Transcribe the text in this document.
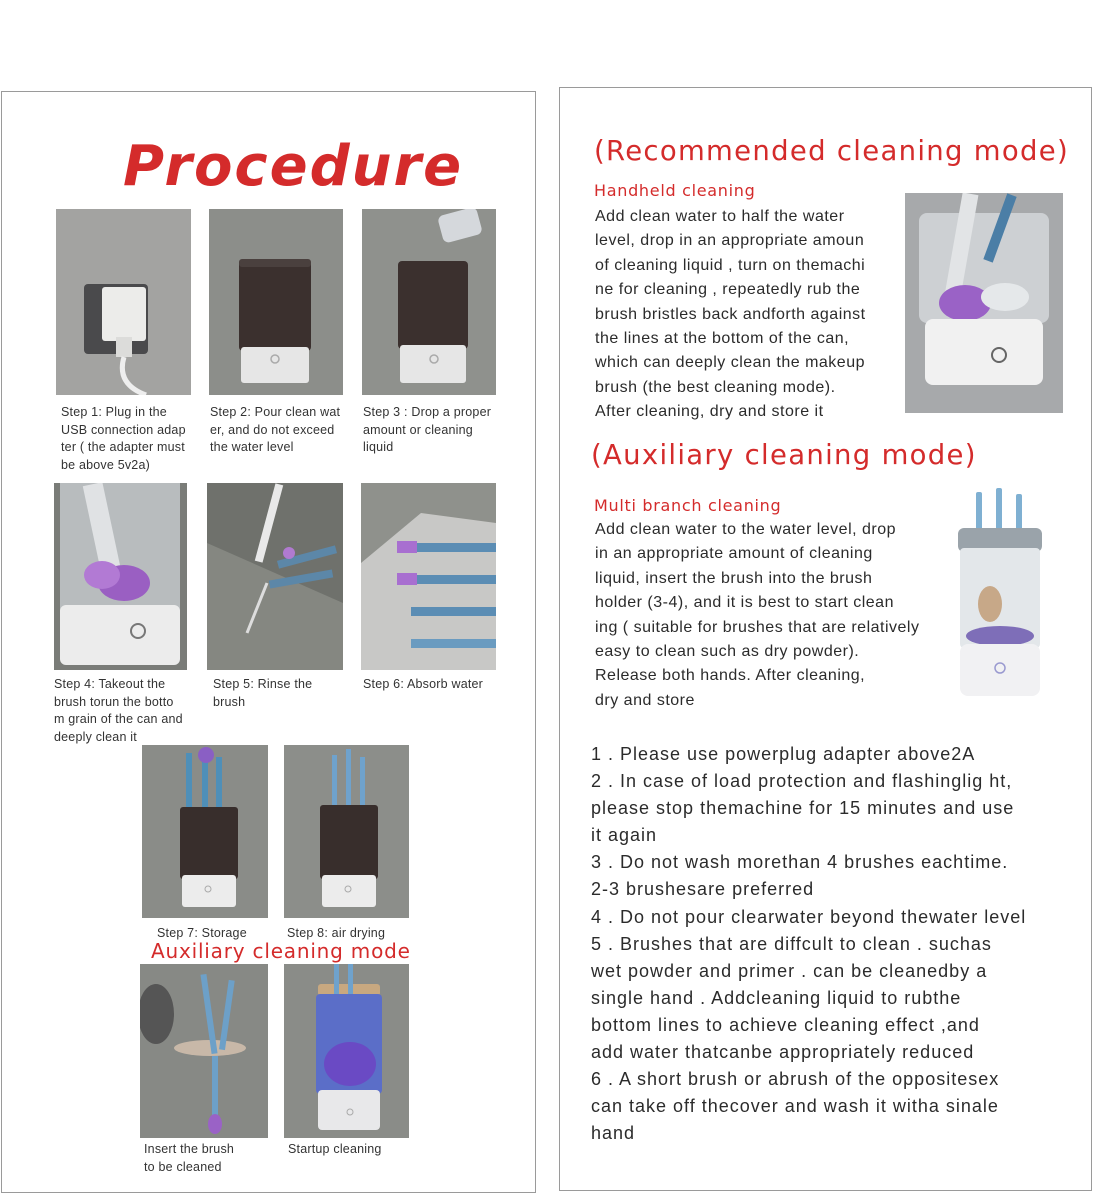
Procedure
Step 1: Plug in the
USB connection adap
ter ( the adapter must
be above 5v2a)
Step 2: Pour clean wat
er, and do not exceed
the water level
Step 3 : Drop a proper
amount or cleaning
liquid
Step 4: Takeout the
brush torun the botto
m grain of the can and
deeply clean it
Step 5: Rinse the
brush
Step 6: Absorb water
Step 7: Storage	Step 8: air drying
Auxiliary cleaning mode
Insert the brush
to be cleaned
Startup cleaning
(Recommended cleaning mode)
Handheld cleaning
Add clean water to half the water
level, drop in an appropriate amoun
of cleaning liquid , turn on themachi
ne for cleaning , repeatedly rub the
brush bristles back andforth against
the lines at the bottom of the can,
which can deeply clean the makeup
brush (the best cleaning mode).
After cleaning, dry and store it
(Auxiliary cleaning mode)
Multi branch cleaning
Add clean water to the water level, drop
in an appropriate amount of cleaning
liquid, insert the brush into the brush
holder (3-4), and it is best to start clean
ing ( suitable for brushes that are relatively
easy to clean such as dry powder).
Release both hands. After cleaning,
dry and store
1 . Please use powerplug adapter above2A
2 . In case of load protection and flashinglig ht,
please stop themachine for 15 minutes and use
it again
3 . Do not wash morethan 4 brushes eachtime.
2-3 brushesare preferred
4 . Do not pour clearwater beyond thewater level
5 . Brushes that are diffcult to clean . suchas
wet powder and primer . can be cleanedby a
single hand . Addcleaning liquid to rubthe
bottom lines to achieve cleaning effect ,and
add water thatcanbe appropriately reduced
6 . A short brush or abrush of the oppositesex
can take off thecover and wash it witha sinale
hand
